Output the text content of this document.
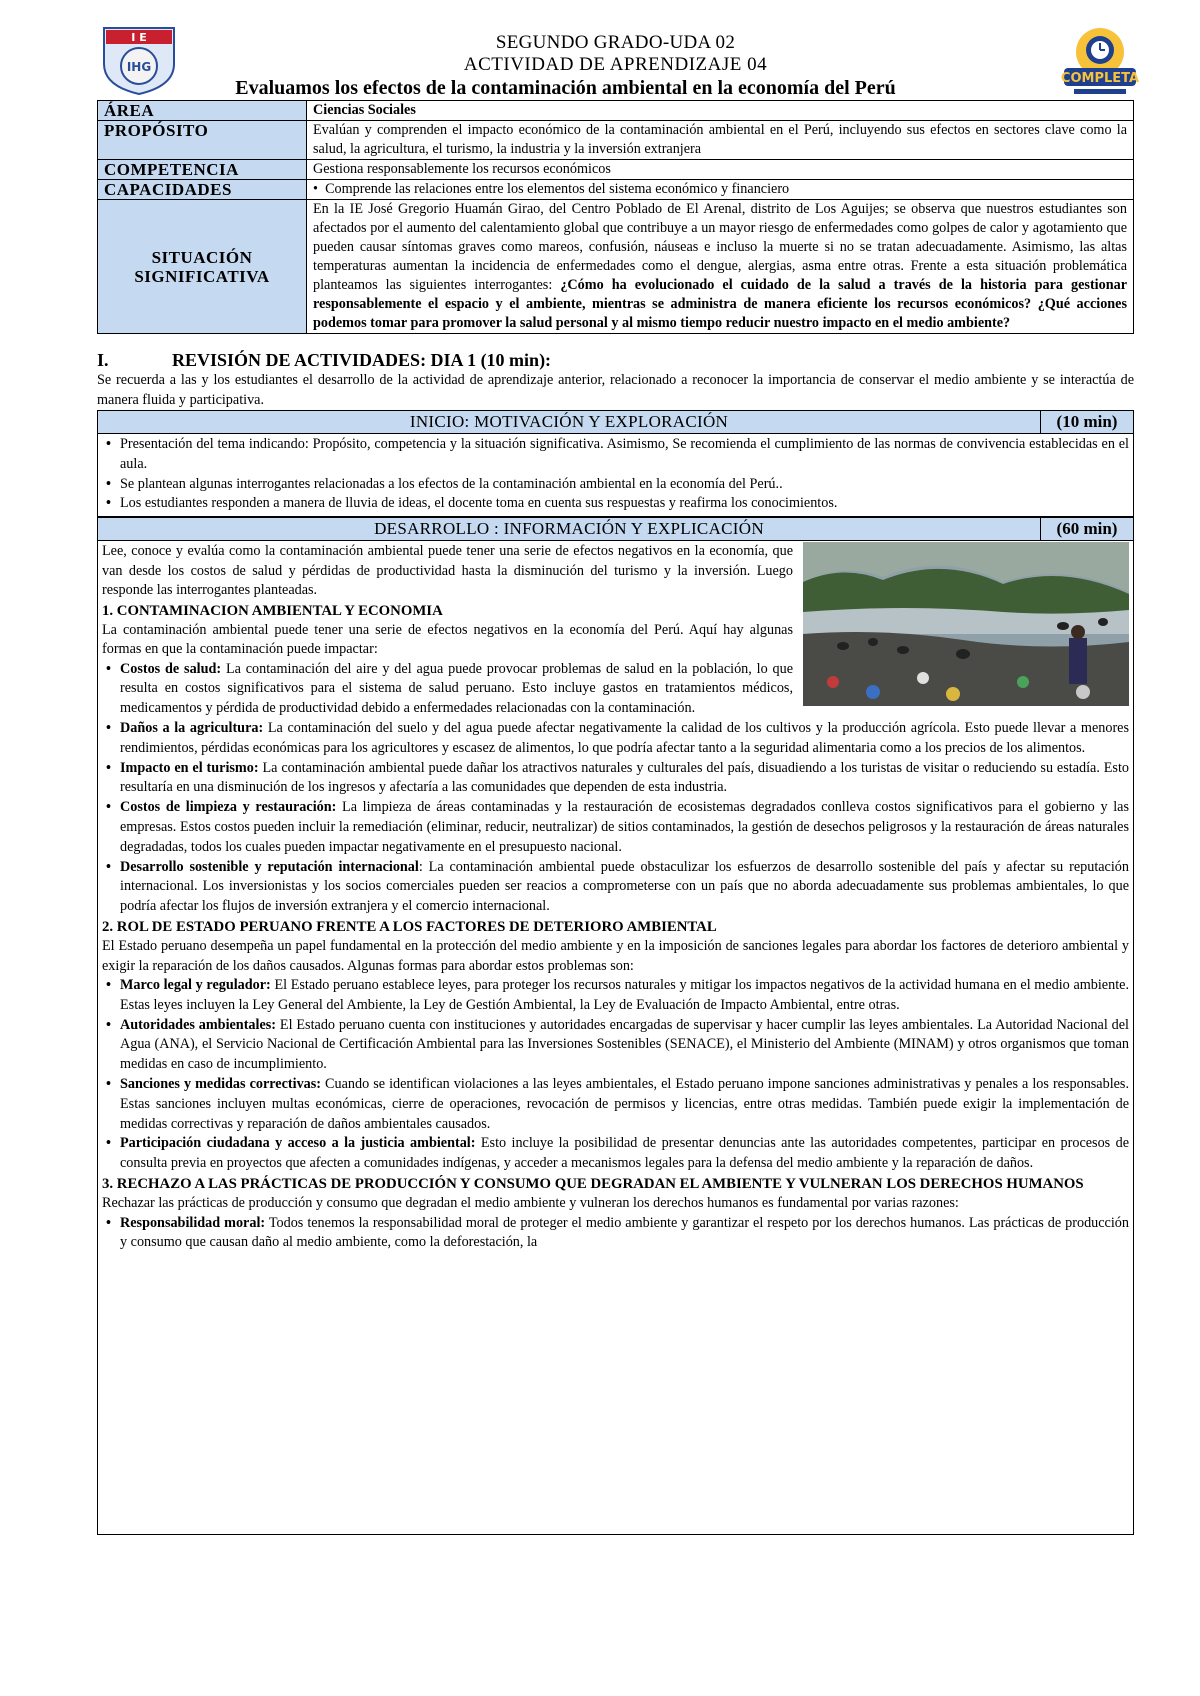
I E
IHG
COMPLETA
SEGUNDO GRADO-UDA 02
ACTIVIDAD DE APRENDIZAJE 04
Evaluamos los efectos de la contaminación ambiental en la economía del Perú
ÁREA	Ciencias Sociales
PROPÓSITO	Evalúan y comprenden el impacto económico de la contaminación ambiental en el Perú, incluyendo sus efectos en sectores clave como la salud, la agricultura, el turismo, la industria y la inversión extranjera
COMPETENCIA	Gestiona responsablemente los recursos económicos
CAPACIDADES	•  Comprende las relaciones entre los elementos del sistema económico y financiero

SITUACIÓN
SIGNIFICATIVA	En la IE José Gregorio Huamán Girao, del Centro Poblado de El Arenal, distrito de Los Aguijes; se observa que nuestros estudiantes son afectados por el aumento del calentamiento global que contribuye a un mayor riesgo de enfermedades como golpes de calor y agotamiento que pueden causar síntomas graves como mareos, confusión, náuseas e incluso la muerte si no se tratan adecuadamente. Asimismo, las altas temperaturas aumentan la incidencia de enfermedades como el dengue, alergias, asma entre otras. Frente a esta situación problemática planteamos las siguientes interrogantes: ¿Cómo ha evolucionado el cuidado de la salud a través de la historia para gestionar responsablemente el espacio y el ambiente, mientras se administra de manera eficiente los recursos económicos? ¿Qué acciones podemos tomar para promover la salud personal y al mismo tiempo reducir nuestro impacto en el medio ambiente?
I.	REVISIÓN DE ACTIVIDADES: DIA 1 (10 min):

Se recuerda a las y los estudiantes el desarrollo de la actividad de aprendizaje anterior, relacionado a reconocer la importancia de conservar el medio ambiente y se interactúa de manera fluida y participativa.

INICIO: MOTIVACIÓN Y EXPLORACIÓN	(10 min)
• Presentación del tema indicando: Propósito, competencia y la situación significativa. Asimismo, Se recomienda el cumplimiento de las normas de convivencia establecidas en el aula.
• Se plantean algunas interrogantes relacionadas a los efectos de la contaminación ambiental en la economía del Perú..
• Los estudiantes responden a manera de lluvia de ideas, el docente toma en cuenta sus respuestas y reafirma los conocimientos.
DESARROLLO : INFORMACIÓN Y EXPLICACIÓN	(60 min)

Lee, conoce y evalúa como la contaminación ambiental puede tener una serie de efectos negativos en la economía, que van desde los costos de salud y pérdidas de productividad hasta la disminución del turismo y la inversión. Luego responde las interrogantes planteadas.

1. CONTAMINACION AMBIENTAL Y ECONOMIA

La contaminación ambiental puede tener una serie de efectos negativos en la economía del Perú. Aquí hay algunas formas en que la contaminación puede impactar:

• Costos de salud: La contaminación del aire y del agua puede provocar problemas de salud en la población, lo que resulta en costos significativos para el sistema de salud peruano. Esto incluye gastos en tratamientos médicos, medicamentos y pérdida de productividad debido a enfermedades relacionadas con la contaminación.
• Daños a la agricultura: La contaminación del suelo y del agua puede afectar negativamente la calidad de los cultivos y la producción agrícola. Esto puede llevar a menores rendimientos, pérdidas económicas para los agricultores y escasez de alimentos, lo que podría afectar tanto a la seguridad alimentaria como a los precios de los alimentos.
• Impacto en el turismo: La contaminación ambiental puede dañar los atractivos naturales y culturales del país, disuadiendo a los turistas de visitar o reduciendo su estadía. Esto resultaría en una disminución de los ingresos y afectaría a las comunidades que dependen de esta industria.
• Costos de limpieza y restauración: La limpieza de áreas contaminadas y la restauración de ecosistemas degradados conlleva costos significativos para el gobierno y las empresas. Estos costos pueden incluir la remediación (eliminar, reducir, neutralizar) de sitios contaminados, la gestión de desechos peligrosos y la restauración de áreas naturales degradadas, todos los cuales pueden impactar negativamente en el presupuesto nacional.
• Desarrollo sostenible y reputación internacional: La contaminación ambiental puede obstaculizar los esfuerzos de desarrollo sostenible del país y afectar su reputación internacional. Los inversionistas y los socios comerciales pueden ser reacios a comprometerse con un país que no aborda adecuadamente sus problemas ambientales, lo que podría afectar los flujos de inversión extranjera y el comercio internacional.
2. ROL DE ESTADO PERUANO FRENTE A LOS FACTORES DE DETERIORO AMBIENTAL

El Estado peruano desempeña un papel fundamental en la protección del medio ambiente y en la imposición de sanciones legales para abordar los factores de deterioro ambiental y exigir la reparación de los daños causados. Algunas formas para abordar estos problemas son:

• Marco legal y regulador: El Estado peruano establece leyes, para proteger los recursos naturales y mitigar los impactos negativos de la actividad humana en el medio ambiente. Estas leyes incluyen la Ley General del Ambiente, la Ley de Gestión Ambiental, la Ley de Evaluación de Impacto Ambiental, entre otras.
• Autoridades ambientales: El Estado peruano cuenta con instituciones y autoridades encargadas de supervisar y hacer cumplir las leyes ambientales. La Autoridad Nacional del Agua (ANA), el Servicio Nacional de Certificación Ambiental para las Inversiones Sostenibles (SENACE), el Ministerio del Ambiente (MINAM) y otros organismos que toman medidas en caso de incumplimiento.
• Sanciones y medidas correctivas: Cuando se identifican violaciones a las leyes ambientales, el Estado peruano impone sanciones administrativas y penales a los responsables. Estas sanciones incluyen multas económicas, cierre de operaciones, revocación de permisos y licencias, entre otras medidas. También puede exigir la implementación de medidas correctivas y reparación de daños ambientales causados.
• Participación ciudadana y acceso a la justicia ambiental: Esto incluye la posibilidad de presentar denuncias ante las autoridades competentes, participar en procesos de consulta previa en proyectos que afecten a comunidades indígenas, y acceder a mecanismos legales para la defensa del medio ambiente y la reparación de daños.
3. RECHAZO A LAS PRÁCTICAS DE PRODUCCIÓN Y CONSUMO QUE DEGRADAN EL AMBIENTE Y VULNERAN LOS DERECHOS HUMANOS

Rechazar las prácticas de producción y consumo que degradan el medio ambiente y vulneran los derechos humanos es fundamental por varias razones:

• Responsabilidad moral: Todos tenemos la responsabilidad moral de proteger el medio ambiente y garantizar el respeto por los derechos humanos. Las prácticas de producción y consumo que causan daño al medio ambiente, como la deforestación, la
